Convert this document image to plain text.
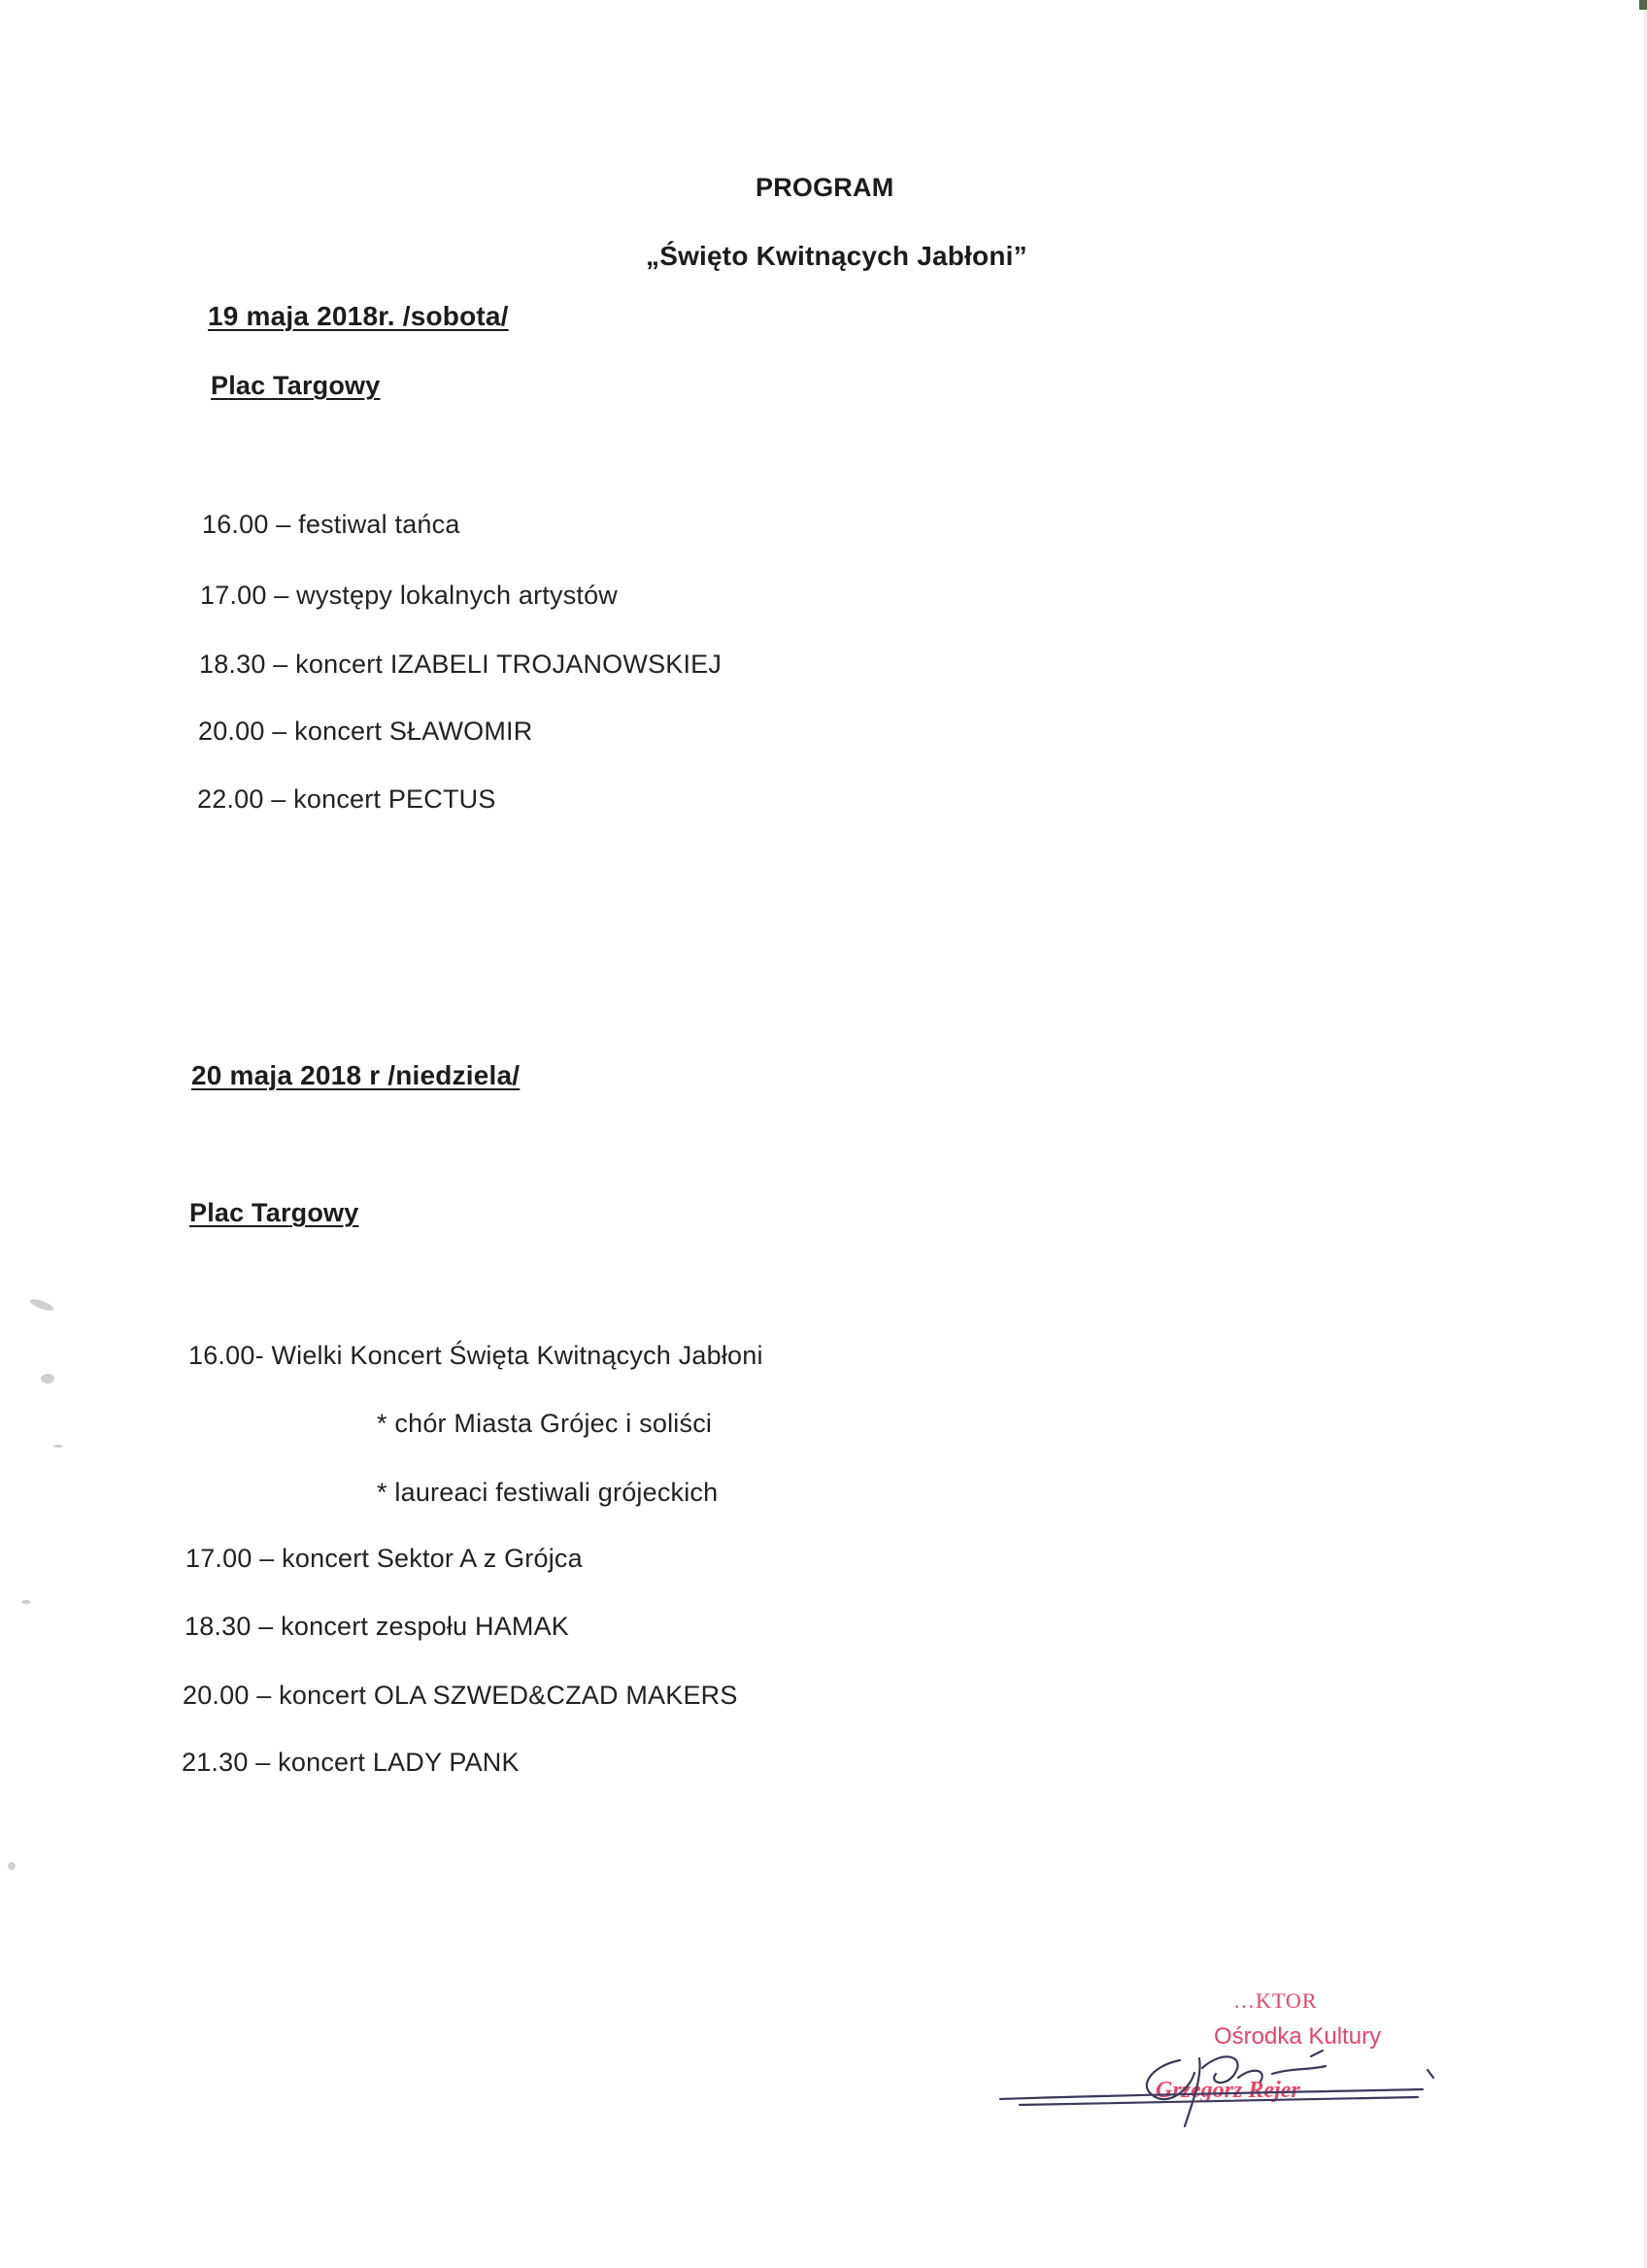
PROGRAM
„Święto Kwitnących Jabłoni”
19 maja 2018r. /sobota/
Plac Targowy
16.00 – festiwal tańca
17.00 – występy lokalnych artystów
18.30 – koncert IZABELI TROJANOWSKIEJ
20.00 – koncert SŁAWOMIR
22.00 – koncert PECTUS
20 maja 2018 r /niedziela/
Plac Targowy
16.00- Wielki Koncert Święta Kwitnących Jabłoni
* chór Miasta Grójec i soliści
* laureaci festiwali grójeckich
17.00 – koncert Sektor A z Grójca
18.30 – koncert zespołu HAMAK
20.00 – koncert OLA SZWED&CZAD MAKERS
21.30 – koncert LADY PANK
…KTOR
Ośrodka Kultury
Grzegorz Rejer
